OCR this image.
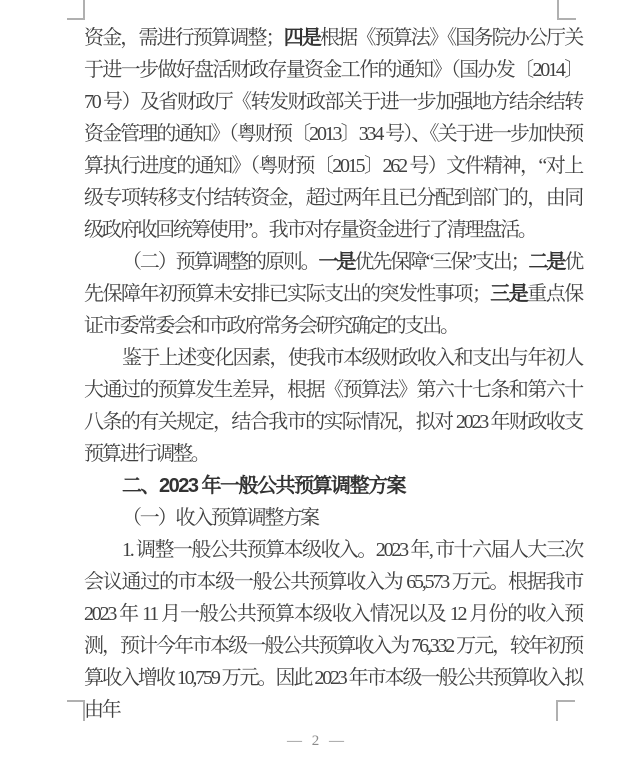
资金，需进行预算调整；四是根据《预算法》《国务院办公厅关于进一步做好盘活财政存量资金工作的通知》（国办发〔2014〕70 号）及省财政厅《转发财政部关于进一步加强地方结余结转资金管理的通知》（粤财预〔2013〕334 号）、《关于进一步加快预算执行进度的通知》（粤财预〔2015〕262 号）文件精神，“对上级专项转移支付结转资金，超过两年且已分配到部门的，由同级政府收回统筹使用”。我市对存量资金进行了清理盘活。

（二）预算调整的原则。一是优先保障“三保”支出；二是优先保障年初预算未安排已实际支出的突发性事项；三是重点保证市委常委会和市政府常务会研究确定的支出。

鉴于上述变化因素，使我市本级财政收入和支出与年初人大通过的预算发生差异，根据《预算法》第六十七条和第六十八条的有关规定，结合我市的实际情况，拟对 2023 年财政收支预算进行调整。

二、2023 年一般公共预算调整方案

（一）收入预算调整方案

1. 调整一般公共预算本级收入。2023 年, 市十六届人大三次会议通过的市本级一般公共预算收入为 65,573 万元。根据我市 2023 年 11 月一般公共预算本级收入情况以及 12 月份的收入预测，预计今年市本级一般公共预算收入为 76,332 万元，较年初预算收入增收 10,759 万元。因此 2023 年市本级一般公共预算收入拟由年

— 2 —
